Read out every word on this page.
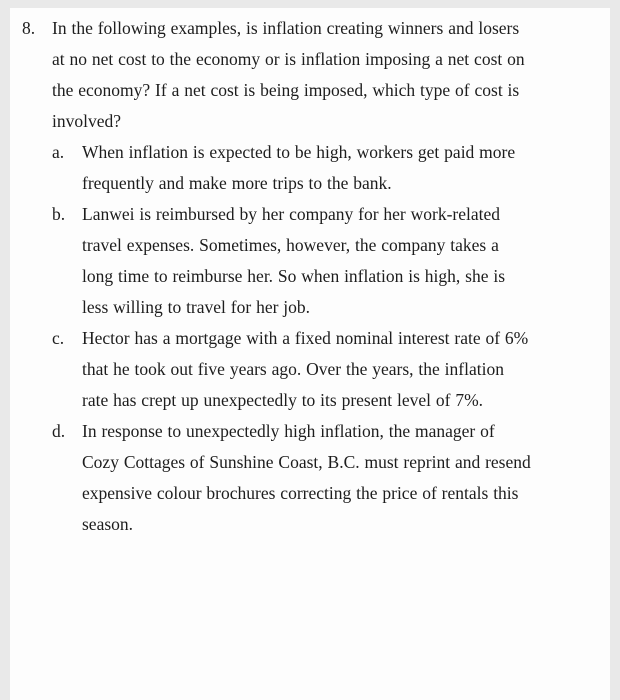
8. In the following examples, is inflation creating winners and losers at no net cost to the economy or is inflation imposing a net cost on the economy? If a net cost is being imposed, which type of cost is involved?

a.	When inflation is expected to be high, workers get paid more frequently and make more trips to the bank.

b. Lanwei is reimbursed by her company for her work-related travel expenses. Sometimes, however, the company takes a long time to reimburse her. So when inflation is high, she is less willing to travel for her job.

c.	Hector has a mortgage with a fixed nominal interest rate of 6% that he took out five years ago. Over the years, the inflation rate has crept up unexpectedly to its present level of 7%.

d. In response to unexpectedly high inflation, the manager of Cozy Cottages of Sunshine Coast, B.C. must reprint and resend expensive colour brochures correcting the price of rentals this season.
